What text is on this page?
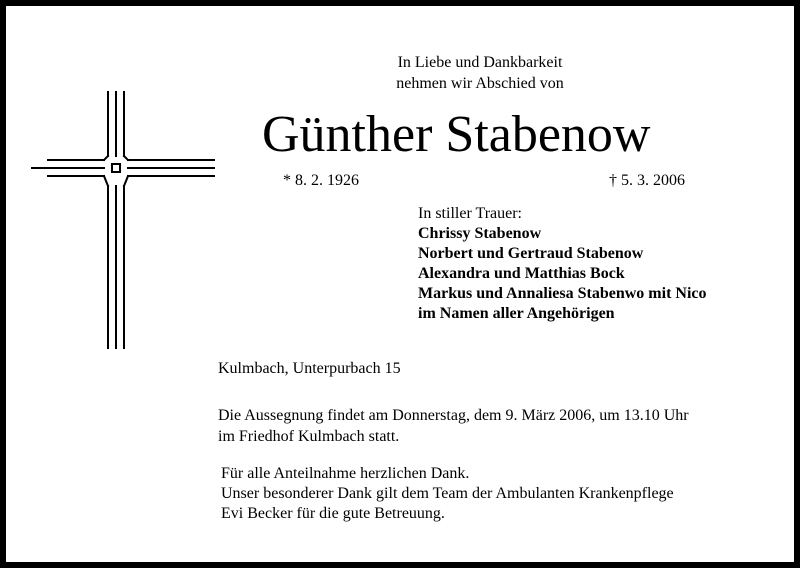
In Liebe und Dankbarkeit
nehmen wir Abschied von
Günther Stabenow
* 8. 2. 1926	† 5. 3. 2006
In stiller Trauer:
Chrissy Stabenow
Norbert und Gertraud Stabenow
Alexandra und Matthias Bock
Markus und Annaliesa Stabenwo mit Nico
im Namen aller Angehörigen
Kulmbach, Unterpurbach 15
Die Aussegnung findet am Donnerstag, dem 9. März 2006, um 13.10 Uhr
im Friedhof Kulmbach statt.
Für alle Anteilnahme herzlichen Dank.
Unser besonderer Dank gilt dem Team der Ambulanten Krankenpflege
Evi Becker für die gute Betreuung.
